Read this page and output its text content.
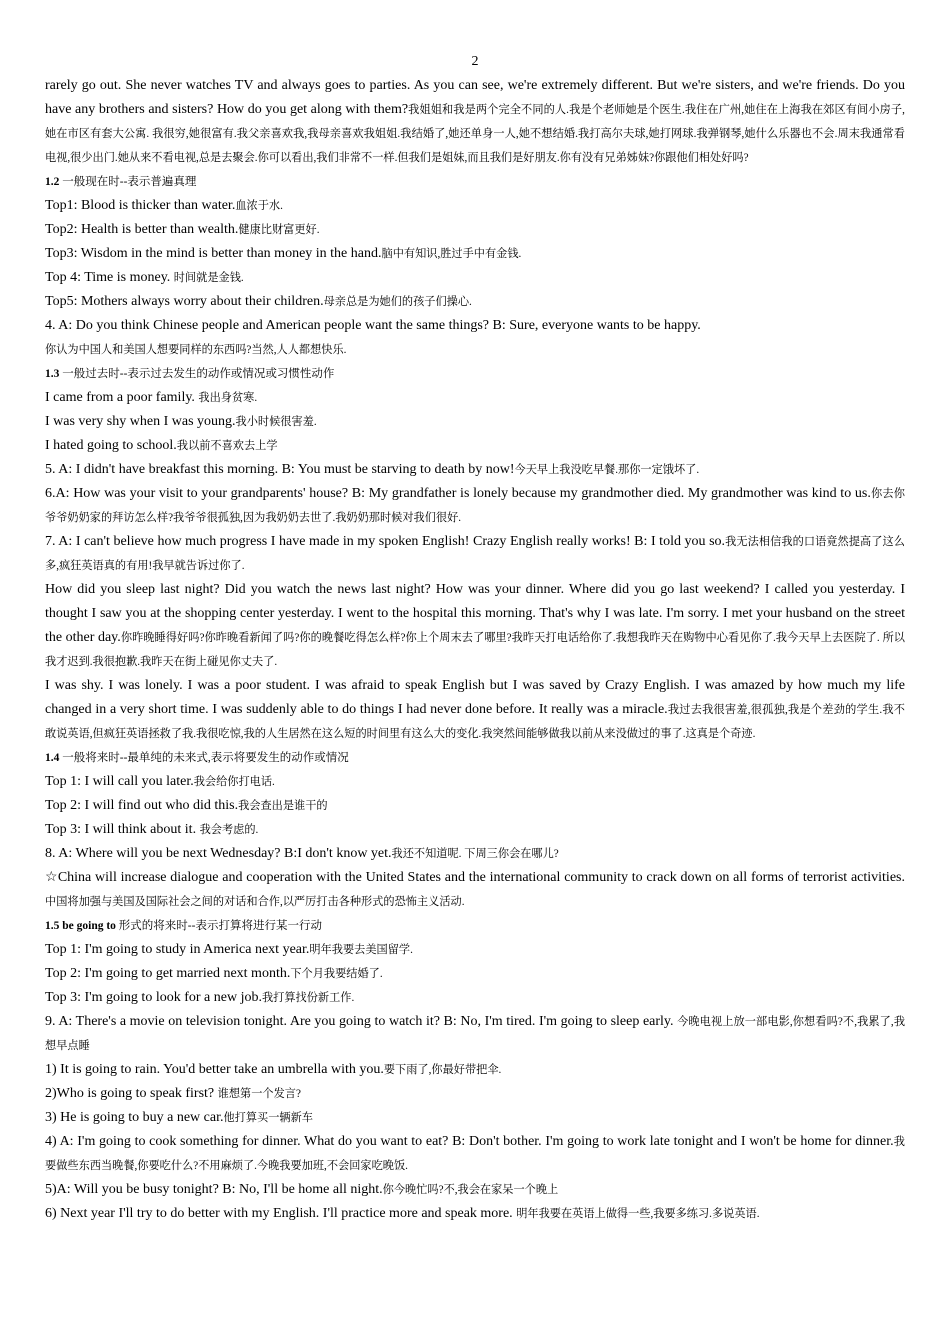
2
rarely go out. She never watches TV and always goes to parties. As you can see, we're extremely different. But we're sisters, and we're friends. Do you have any brothers and sisters? How do you get along with them?我姐姐和我是两个完全不同的人.我是个老师她是个医生.我住在广州,她住在上海我在郊区有间小房子,她在市区有套大公寓. 我很穷,她很富有.我父亲喜欢我,我母亲喜欢我姐姐.我结婚了,她还单身一人,她不想结婚.我打高尔夫球,她打网球.我弹钢琴,她什么乐器也不会.周末我通常看电视,很少出门.她从来不看电视,总是去聚会.你可以看出,我们非常不一样.但我们是姐妹,而且我们是好朋友.你有没有兄弟姊妹?你跟他们相处好吗?
1.2 一般现在时--表示普遍真理
Top1: Blood is thicker than water.血浓于水.
Top2: Health is better than wealth.健康比财富更好.
Top3: Wisdom in the mind is better than money in the hand.脑中有知识,胜过手中有金钱.
Top 4: Time is money. 时间就是金钱.
Top5: Mothers always worry about their children.母亲总是为她们的孩子们操心.
4. A: Do you think Chinese people and American people want the same things? B: Sure, everyone wants to be happy.
你认为中国人和美国人想要同样的东西吗?当然,人人都想快乐.
1.3 一般过去时--表示过去发生的动作或情况或习惯性动作
I came from a poor family. 我出身贫寒.
I was very shy when I was young.我小时候很害羞.
I hated going to school.我以前不喜欢去上学
5. A: I didn't have breakfast this morning. B: You must be starving to death by now!今天早上我没吃早餐.那你一定饿坏了.
6.A: How was your visit to your grandparents' house? B: My grandfather is lonely because my grandmother died. My grandmother was kind to us.你去你爷爷奶奶家的拜访怎么样?我爷爷很孤独,因为我奶奶去世了.我奶奶那时候对我们很好.
7. A: I can't believe how much progress I have made in my spoken English! Crazy English really works! B: I told you so.我无法相信我的口语竟然提高了这么多,疯狂英语真的有用!我早就告诉过你了.
How did you sleep last night? Did you watch the news last night? How was your dinner. Where did you go last weekend? I called you yesterday. I thought I saw you at the shopping center yesterday. I went to the hospital this morning. That's why I was late. I'm sorry. I met your husband on the street the other day.你昨晚睡得好吗?你昨晚看新闻了吗?你的晚餐吃得怎么样?你上个周末去了哪里?我昨天打电话给你了.我想我昨天在购物中心看见你了.我今天早上去医院了. 所以我才迟到.我很抱歉.我昨天在街上碰见你丈夫了.
I was shy. I was lonely. I was a poor student. I was afraid to speak English but I was saved by Crazy English. I was amazed by how much my life changed in a very short time. I was suddenly able to do things I had never done before. It really was a miracle.我过去我很害羞,很孤独,我是个差劲的学生.我不敢说英语,但疯狂英语拯救了我.我很吃惊,我的人生居然在这么短的时间里有这么大的变化.我突然间能够做我以前从来没做过的事了.这真是个奇迹.
1.4 一般将来时--最单纯的未来式,表示将要发生的动作或情况
Top 1: I will call you later.我会给你打电话.
Top 2: I will find out who did this.我会查出是谁干的
Top 3: I will think about it. 我会考虑的.
8. A: Where will you be next Wednesday? B:I don't know yet.我还不知道呢. 下周三你会在哪儿?
☆China will increase dialogue and cooperation with the United States and the international community to crack down on all forms of terrorist activities.中国将加强与美国及国际社会之间的对话和合作,以严厉打击各种形式的恐怖主义活动.
1.5 be going to 形式的将来时--表示打算将进行某一行动
Top 1: I'm going to study in America next year.明年我要去美国留学.
Top 2: I'm going to get married next month.下个月我要结婚了.
Top 3: I'm going to look for a new job.我打算找份新工作.
9. A: There's a movie on television tonight. Are you going to watch it? B: No, I'm tired. I'm going to sleep early. 今晚电视上放一部电影,你想看吗?不,我累了,我想早点睡
1) It is going to rain. You'd better take an umbrella with you.要下雨了,你最好带把伞.
2)Who is going to speak first? 谁想第一个发言?
3) He is going to buy a new car.他打算买一辆新车
4) A: I'm going to cook something for dinner. What do you want to eat? B: Don't bother. I'm going to work late tonight and I won't be home for dinner.我要做些东西当晚餐,你要吃什么?不用麻烦了.今晚我要加班,不会回家吃晚饭.
5)A: Will you be busy tonight? B: No, I'll be home all night.你今晚忙吗?不,我会在家呆一个晚上
6) Next year I'll try to do better with my English. I'll practice more and speak more. 明年我要在英语上做得一些,我要多练习.多说英语.
